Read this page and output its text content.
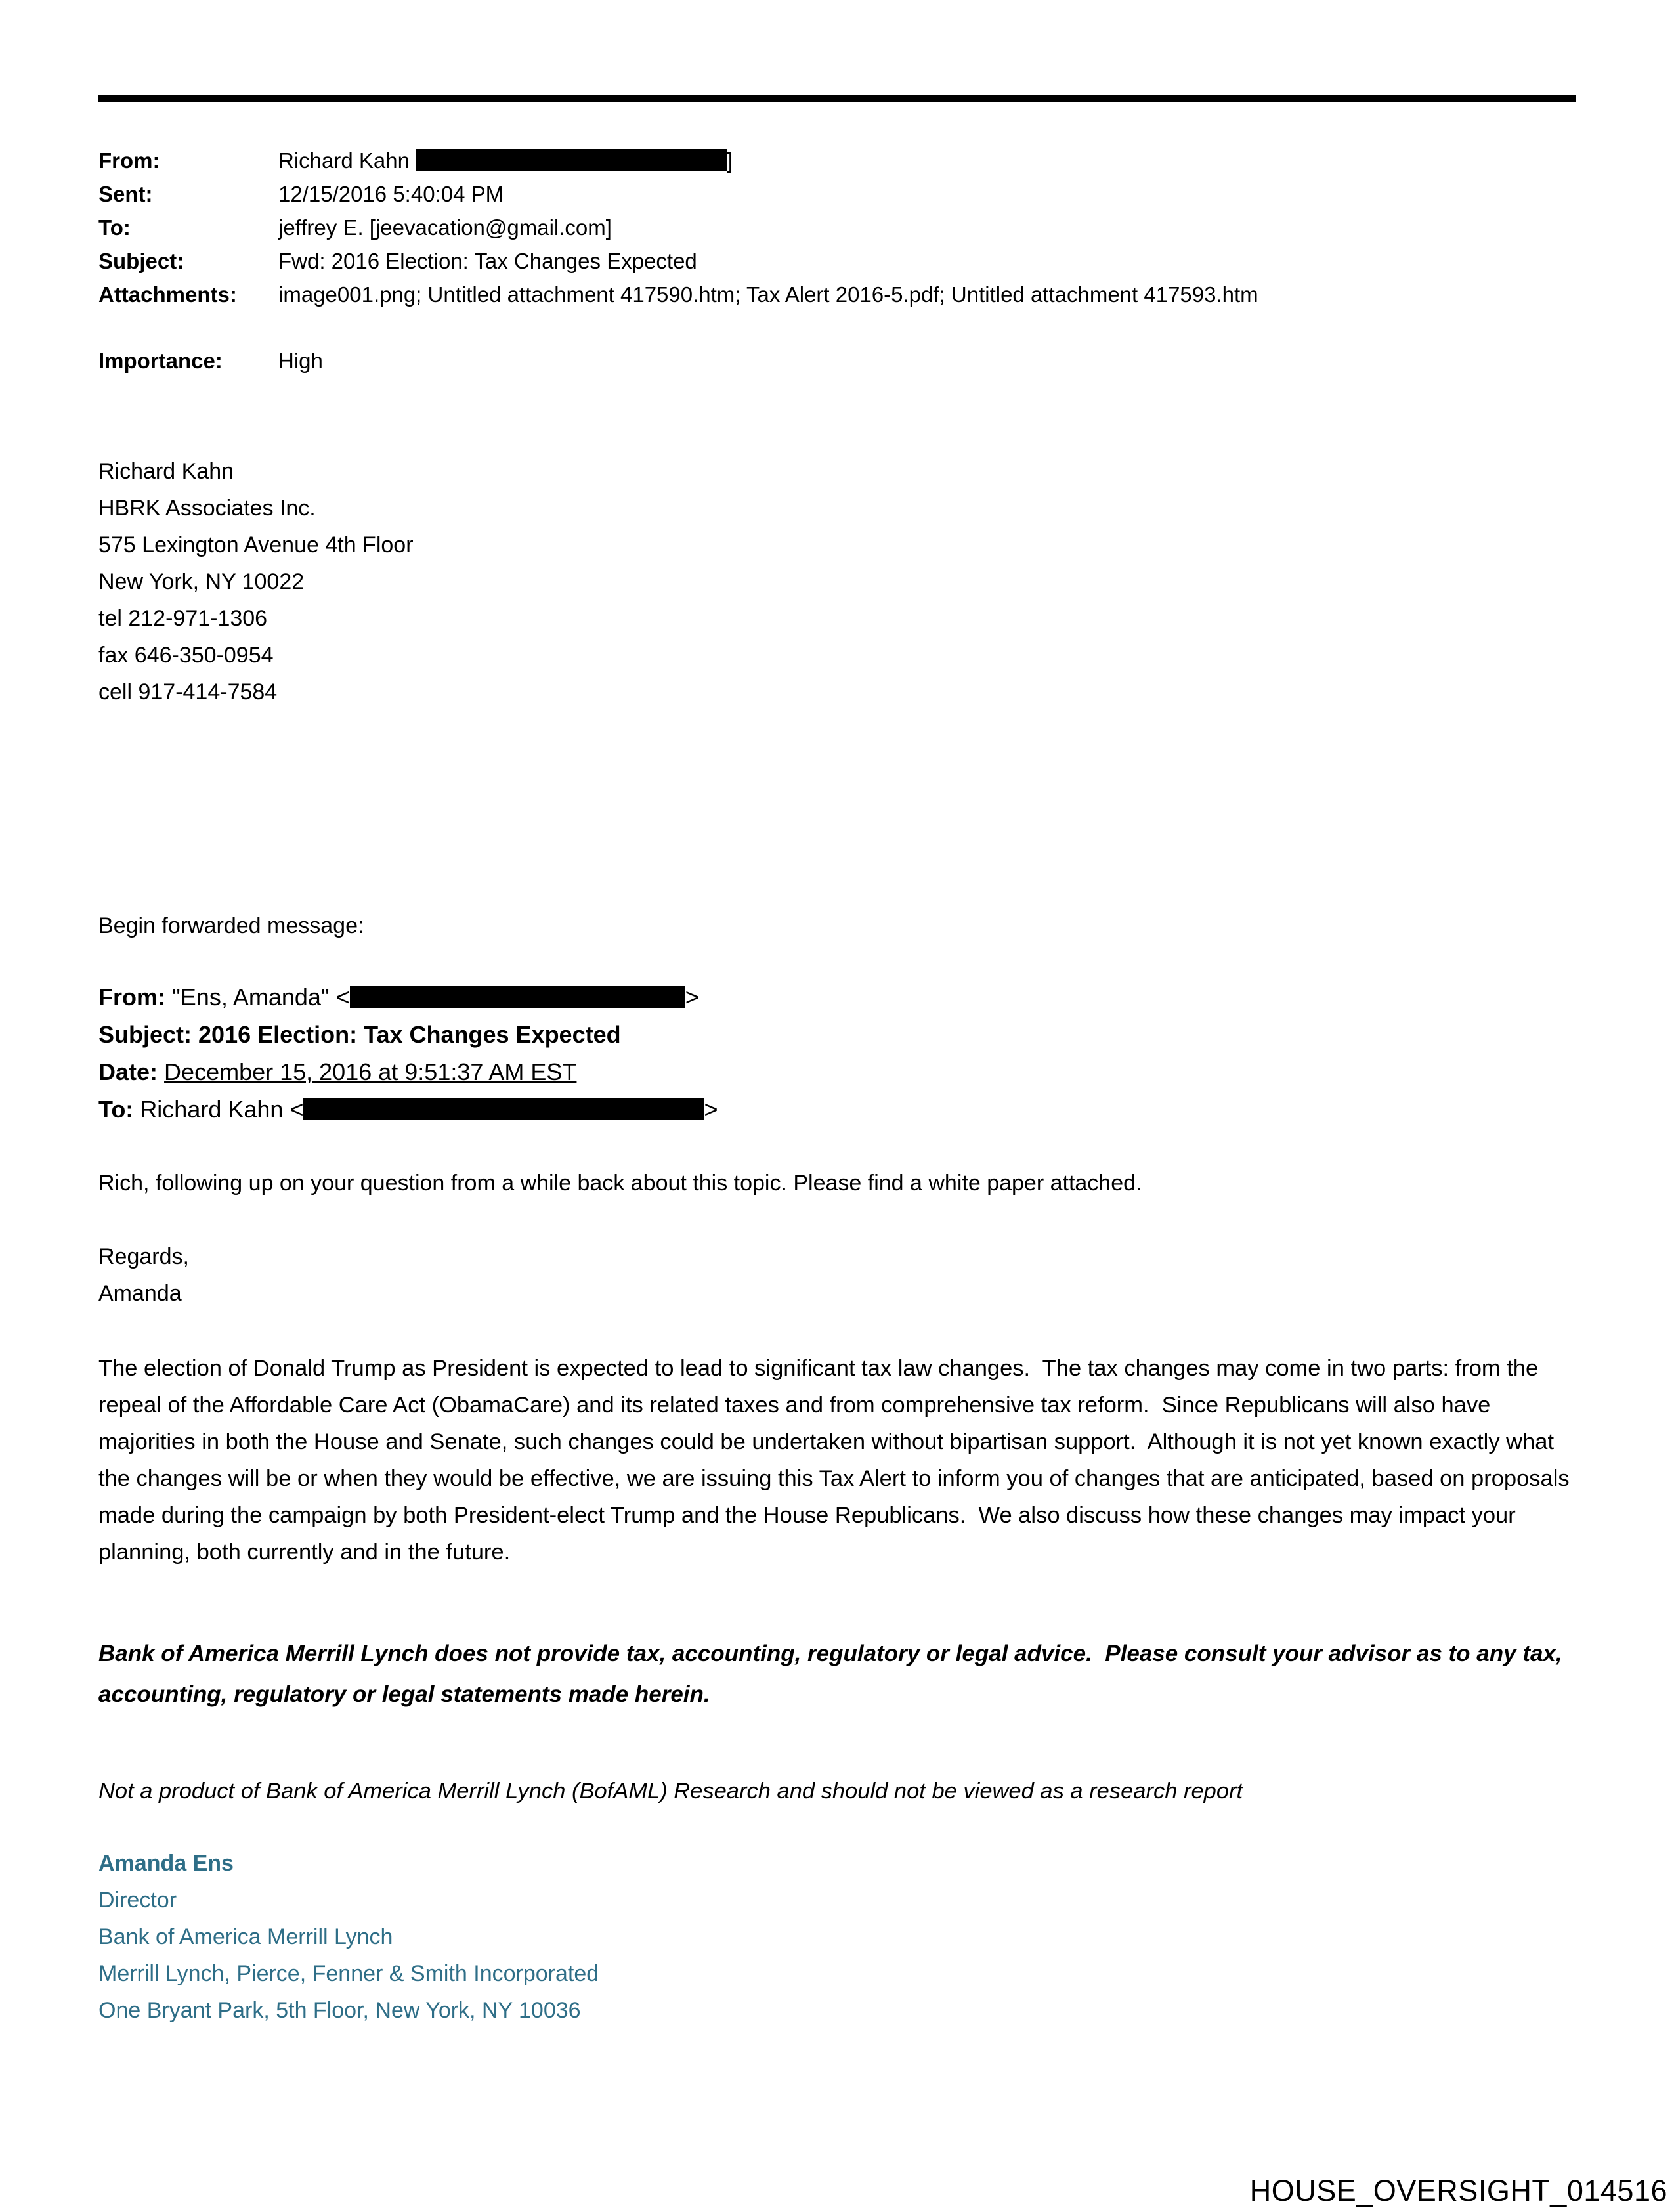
From:	Richard Kahn	]
Sent:	12/15/2016 5:40:04 PM
To:	jeffrey E. [jeevacation@gmail.com]
Subject:	Fwd: 2016 Election: Tax Changes Expected
Attachments:	image001.png; Untitled attachment 417590.htm; Tax Alert 2016-5.pdf; Untitled attachment 417593.htm
Importance:	High
Richard Kahn
HBRK Associates Inc.
575 Lexington Avenue 4th Floor
New York, NY 10022
tel 212-971-1306
fax 646-350-0954
cell 917-414-7584
Begin forwarded message:
From: "Ens, Amanda" <	>
Subject: 2016 Election: Tax Changes Expected
Date: December 15, 2016 at 9:51:37 AM EST
To: Richard Kahn <	>
Rich, following up on your question from a while back about this topic. Please find a white paper attached.
Regards,
Amanda
The election of Donald Trump as President is expected to lead to significant tax law changes.  The tax changes may come in two parts: from the repeal of the Affordable Care Act (ObamaCare) and its related taxes and from comprehensive tax reform.  Since Republicans will also have majorities in both the House and Senate, such changes could be undertaken without bipartisan support.  Although it is not yet known exactly what the changes will be or when they would be effective, we are issuing this Tax Alert to inform you of changes that are anticipated, based on proposals made during the campaign by both President-elect Trump and the House Republicans.  We also discuss how these changes may impact your planning, both currently and in the future.
Bank of America Merrill Lynch does not provide tax, accounting, regulatory or legal advice.  Please consult your advisor as to any tax, accounting, regulatory or legal statements made herein.
Not a product of Bank of America Merrill Lynch (BofAML) Research and should not be viewed as a research report
Amanda Ens
Director
Bank of America Merrill Lynch
Merrill Lynch, Pierce, Fenner & Smith Incorporated
One Bryant Park, 5th Floor, New York, NY 10036
HOUSE_OVERSIGHT_014516
